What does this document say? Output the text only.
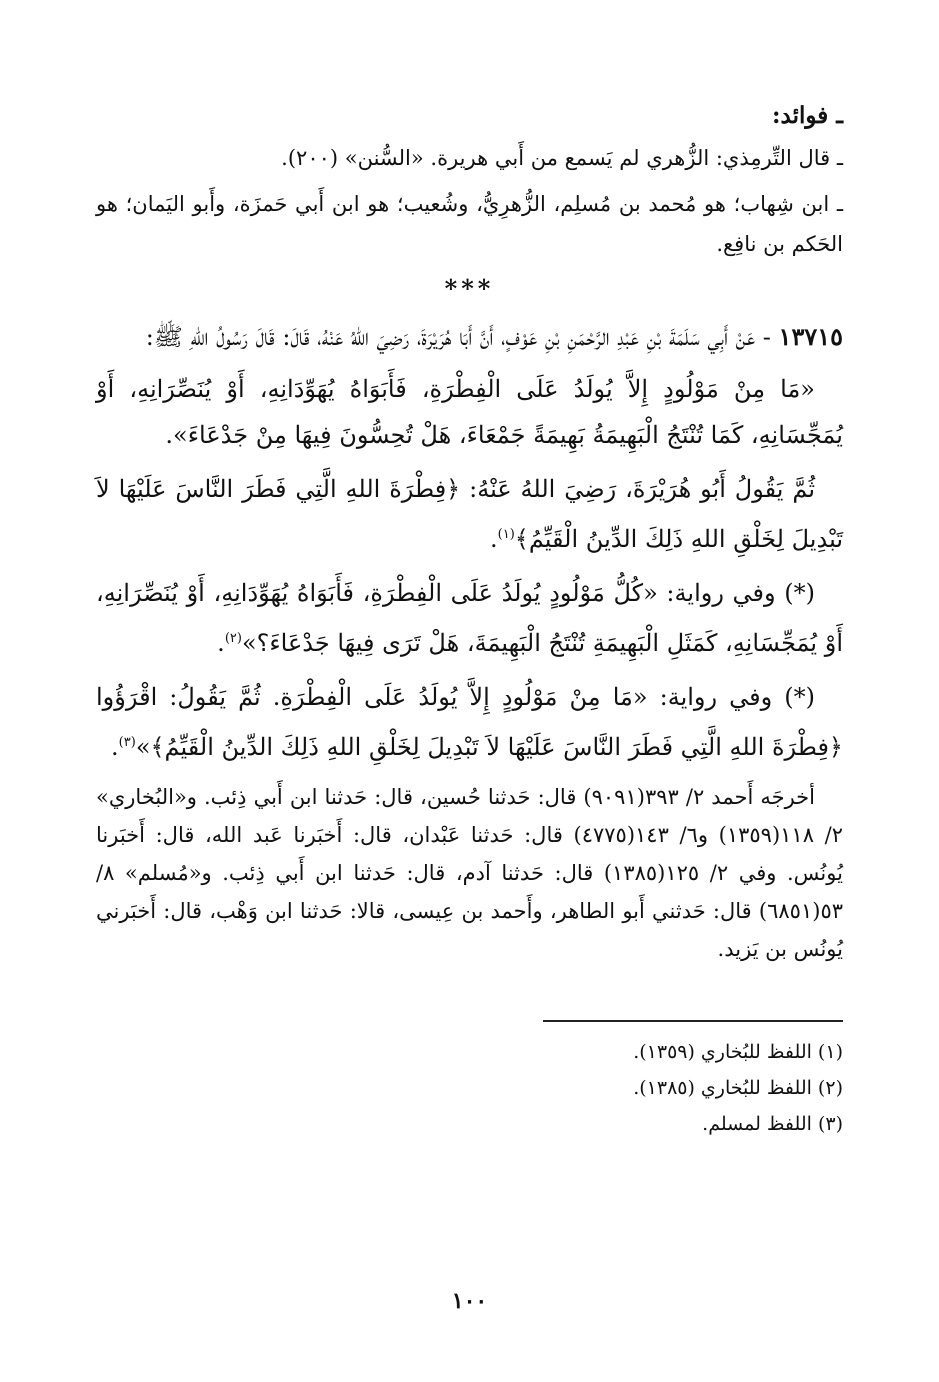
ـ فوائد:

ـ قال التِّرمِذي: الزُّهري لم يَسمع من أَبي هريرة. «السُّنن» (٢٠٠).

ـ ابن شِهاب؛ هو مُحمد بن مُسلِم، الزُّهرِيُّ، وشُعيب؛ هو ابن أَبي حَمزَة، وأَبو اليَمان؛ هو الحَكم بن نافِع.

***

١٣٧١٥ - عَنْ أَبِي سَلَمَةَ بْنِ عَبْدِ الرَّحْمَنِ بْنِ عَوْفٍ، أَنَّ أَبَا هُرَيْرَةَ، رَضِيَ اللهُ عَنْهُ، قَالَ: قَالَ رَسُولُ اللهِ ﷺ:

«مَا مِنْ مَوْلُودٍ إِلاَّ يُولَدُ عَلَى الْفِطْرَةِ، فَأَبَوَاهُ يُهَوِّدَانِهِ، أَوْ يُنَصِّرَانِهِ، أَوْ يُمَجِّسَانِهِ، كَمَا تُنْتَجُ الْبَهِيمَةُ بَهِيمَةً جَمْعَاءَ، هَلْ تُحِسُّونَ فِيهَا مِنْ جَدْعَاءَ».

ثُمَّ يَقُولُ أَبُو هُرَيْرَةَ، رَضِيَ اللهُ عَنْهُ: ﴿فِطْرَةَ اللهِ الَّتِي فَطَرَ النَّاسَ عَلَيْهَا لاَ تَبْدِيلَ لِخَلْقِ اللهِ ذَلِكَ الدِّينُ الْقَيِّمُ﴾$^{(١)}$.

(*) وفي رواية: «كُلُّ مَوْلُودٍ يُولَدُ عَلَى الْفِطْرَةِ، فَأَبَوَاهُ يُهَوِّدَانِهِ، أَوْ يُنَصِّرَانِهِ، أَوْ يُمَجِّسَانِهِ، كَمَثَلِ الْبَهِيمَةِ تُنْتَجُ الْبَهِيمَةَ، هَلْ تَرَى فِيهَا جَدْعَاءَ؟»$^{(٢)}$.

(*) وفي رواية: «مَا مِنْ مَوْلُودٍ إِلاَّ يُولَدُ عَلَى الْفِطْرَةِ. ثُمَّ يَقُولُ: اقْرَؤُوا ﴿فِطْرَةَ اللهِ الَّتِي فَطَرَ النَّاسَ عَلَيْهَا لاَ تَبْدِيلَ لِخَلْقِ اللهِ ذَلِكَ الدِّينُ الْقَيِّمُ﴾»$^{(٣)}$.

أخرجَه أَحمد ٢/ ٣٩٣(٩٠٩١) قال: حَدثنا حُسين، قال: حَدثنا ابن أَبي ذِئب. و«البُخاري» ٢/ ١١٨(١٣٥٩) و٦/ ١٤٣(٤٧٧٥) قال: حَدثنا عَبْدان، قال: أَخبَرنا عَبد الله، قال: أَخبَرنا يُونُس. وفي ٢/ ١٢٥(١٣٨٥) قال: حَدثنا آدم، قال: حَدثنا ابن أَبي ذِئب. و«مُسلم» ٨/ ٥٣(٦٨٥١) قال: حَدثني أَبو الطاهر، وأَحمد بن عِيسى، قالا: حَدثنا ابن وَهْب، قال: أَخبَرني يُونُس بن يَزيد.

(١) اللفظ للبُخاري (١٣٥٩).

(٢) اللفظ للبُخاري (١٣٨٥).

(٣) اللفظ لمسلم.

١٠٠
